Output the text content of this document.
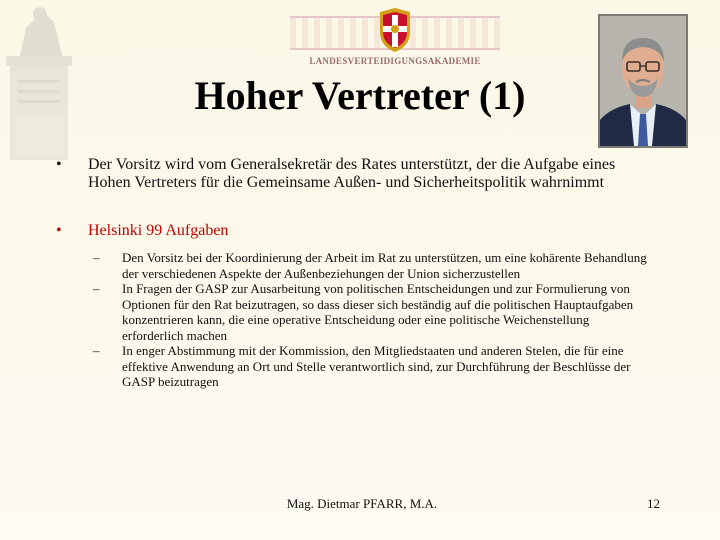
LANDESVERTEIDIGUNGSAKADEMIE
Hoher Vertreter (1)
• Der Vorsitz wird vom Generalsekretär des Rates unterstützt, der die Aufgabe eines Hohen Vertreters für die Gemeinsame Außen- und Sicherheitspolitik wahrnimmt
• Helsinki 99 Aufgaben
– Den Vorsitz bei der Koordinierung der Arbeit im Rat zu unterstützen, um eine kohärente Behandlung der verschiedenen Aspekte der Außenbeziehungen der Union sicherzustellen
– In Fragen der GASP zur Ausarbeitung von politischen Entscheidungen und zur Formulierung von Optionen für den Rat beizutragen, so dass dieser sich beständig auf die politischen Hauptaufgaben konzentrieren kann, die eine operative Entscheidung oder eine politische Weichenstellung erforderlich machen
– In enger Abstimmung mit der Kommission, den Mitgliedstaaten und anderen Stelen, die für eine effektive Anwendung an Ort und Stelle verantwortlich sind, zur Durchführung der Beschlüsse der GASP beizutragen
Mag. Dietmar PFARR, M.A.	12
